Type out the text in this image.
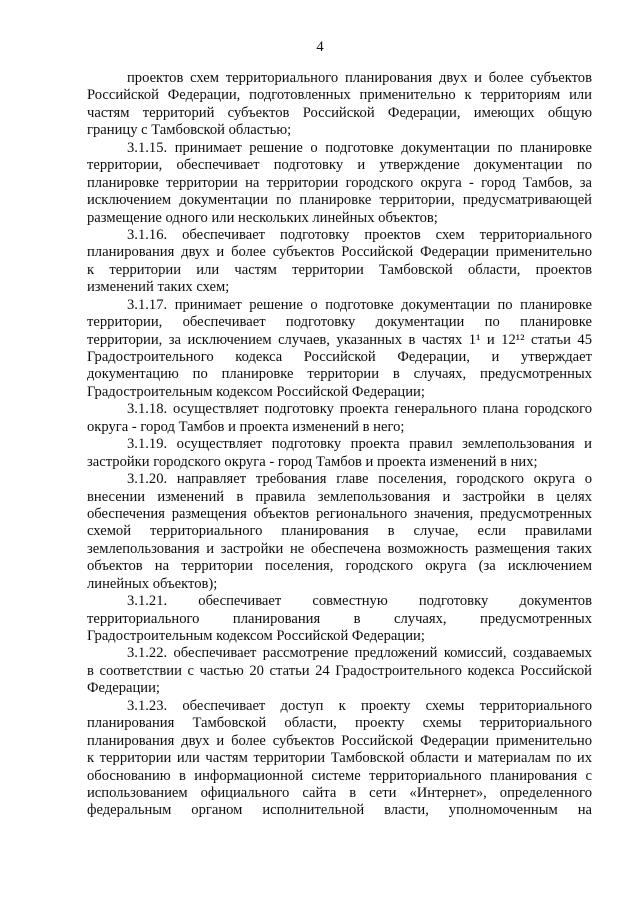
4
проектов схем территориального планирования двух и более субъектов
Российской Федерации, подготовленных применительно к территориям или
частям территорий субъектов Российской Федерации, имеющих общую
границу с Тамбовской областью;
3.1.15. принимает решение о подготовке документации по планировке
территории, обеспечивает подготовку и утверждение документации по
планировке территории на территории городского округа - город Тамбов, за
исключением документации по планировке территории, предусматривающей
размещение одного или нескольких линейных объектов;
3.1.16. обеспечивает подготовку проектов схем территориального
планирования двух и более субъектов Российской Федерации применительно
к территории или частям территории Тамбовской области, проектов
изменений таких схем;
3.1.17. принимает решение о подготовке документации по планировке
территории, обеспечивает подготовку документации по планировке
территории, за исключением случаев, указанных в частях 1¹ и 12¹² статьи 45
Градостроительного кодекса Российской Федерации, и утверждает
документацию по планировке территории в случаях, предусмотренных
Градостроительным кодексом Российской Федерации;
3.1.18. осуществляет подготовку проекта генерального плана городского
округа - город Тамбов и проекта изменений в него;
3.1.19. осуществляет подготовку проекта правил землепользования и
застройки городского округа - город Тамбов и проекта изменений в них;
3.1.20. направляет требования главе поселения, городского округа о
внесении изменений в правила землепользования и застройки в целях
обеспечения размещения объектов регионального значения, предусмотренных
схемой территориального планирования в случае, если правилами
землепользования и застройки не обеспечена возможность размещения таких
объектов на территории поселения, городского округа (за исключением
линейных объектов);
3.1.21. обеспечивает совместную подготовку документов
территориального планирования в случаях, предусмотренных
Градостроительным кодексом Российской Федерации;
3.1.22. обеспечивает рассмотрение предложений комиссий, создаваемых
в соответствии с частью 20 статьи 24 Градостроительного кодекса Российской
Федерации;
3.1.23. обеспечивает доступ к проекту схемы территориального
планирования Тамбовской области, проекту схемы территориального
планирования двух и более субъектов Российской Федерации применительно
к территории или частям территории Тамбовской области и материалам по их
обоснованию в информационной системе территориального планирования с
использованием официального сайта в сети «Интернет», определенного
федеральным органом исполнительной власти, уполномоченным на
